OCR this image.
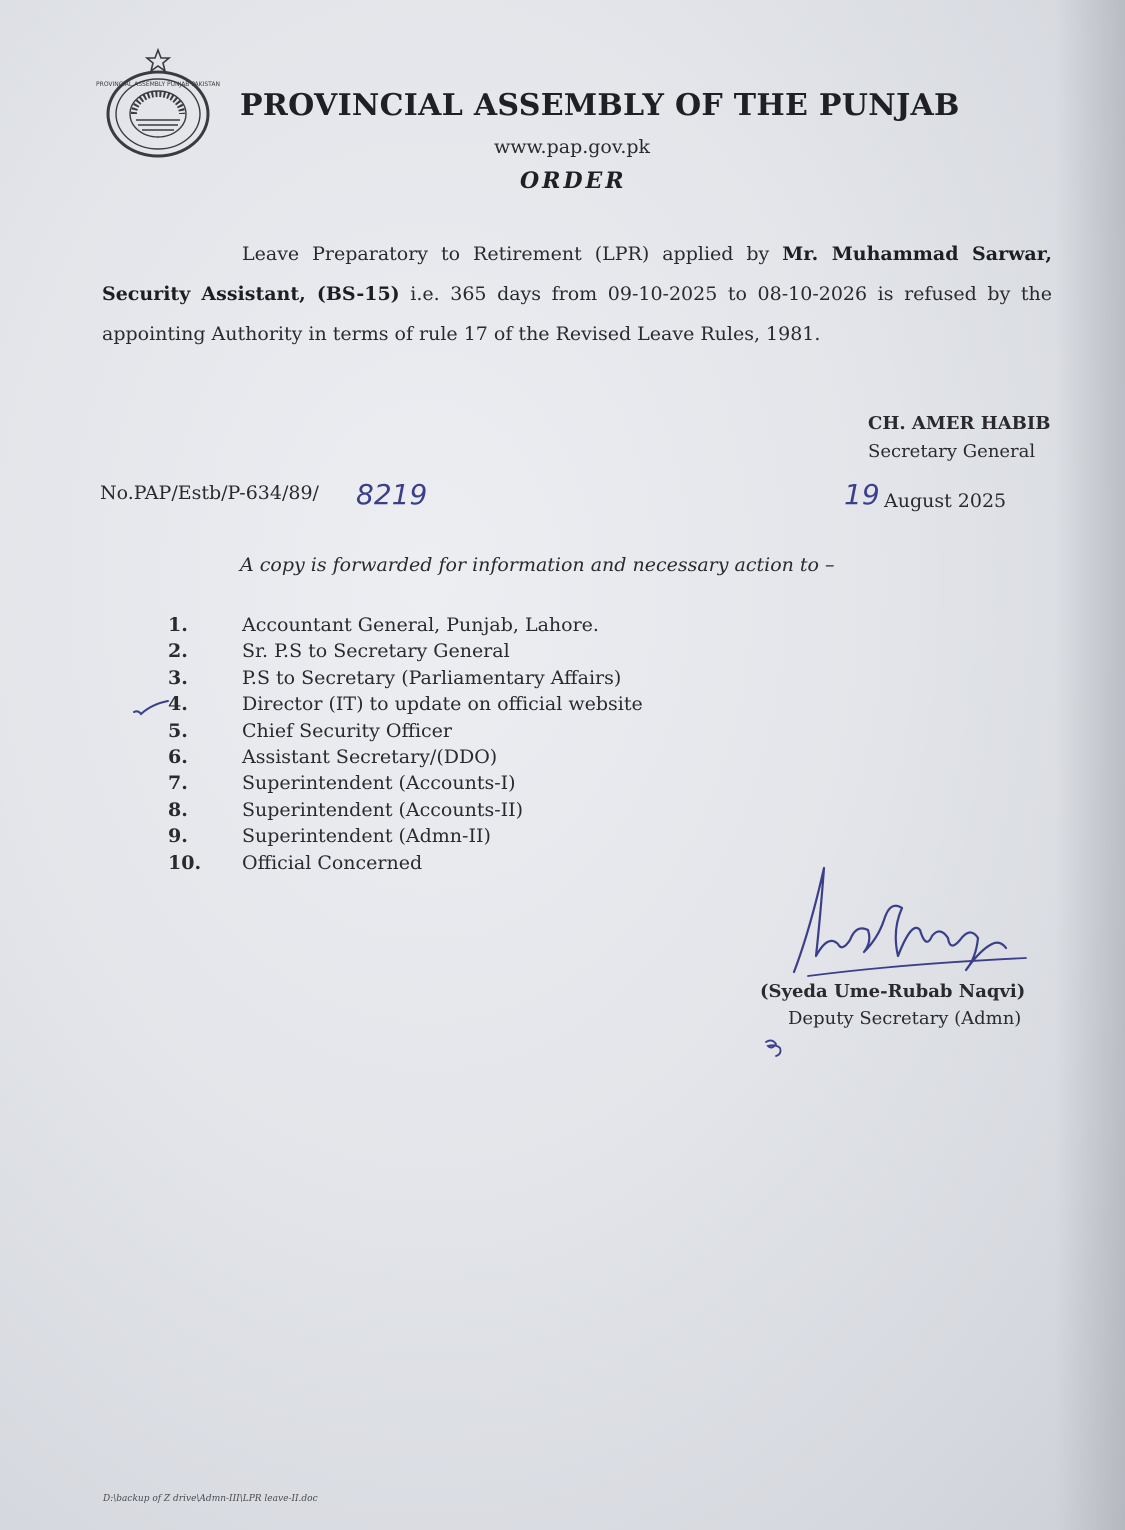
PROVINCIAL ASSEMBLY PUNJAB PAKISTAN
PROVINCIAL ASSEMBLY OF THE PUNJAB
www.pap.gov.pk
ORDER
Leave Preparatory to Retirement (LPR) applied by Mr. Muhammad Sarwar, Security Assistant, (BS-15) i.e. 365 days from 09-10-2025 to 08-10-2026 is refused by the appointing Authority in terms of rule 17 of the Revised Leave Rules, 1981.
CH. AMER HABIB
Secretary General
No.PAP/Estb/P-634/89/ 8219	19 August 2025
A copy is forwarded for information and necessary action to –
1.	Accountant General, Punjab, Lahore.
2.	Sr. P.S to Secretary General
3.	P.S to Secretary (Parliamentary Affairs)
4.	Director (IT) to update on official website
5.	Chief Security Officer
6.	Assistant Secretary/(DDO)
7.	Superintendent (Accounts-I)
8.	Superintendent (Accounts-II)
9.	Superintendent (Admn-II)
10. Official Concerned
(Syeda Ume-Rubab Naqvi)
Deputy Secretary (Admn)
D:\backup of Z drive\Admn-III\LPR leave-II.doc
